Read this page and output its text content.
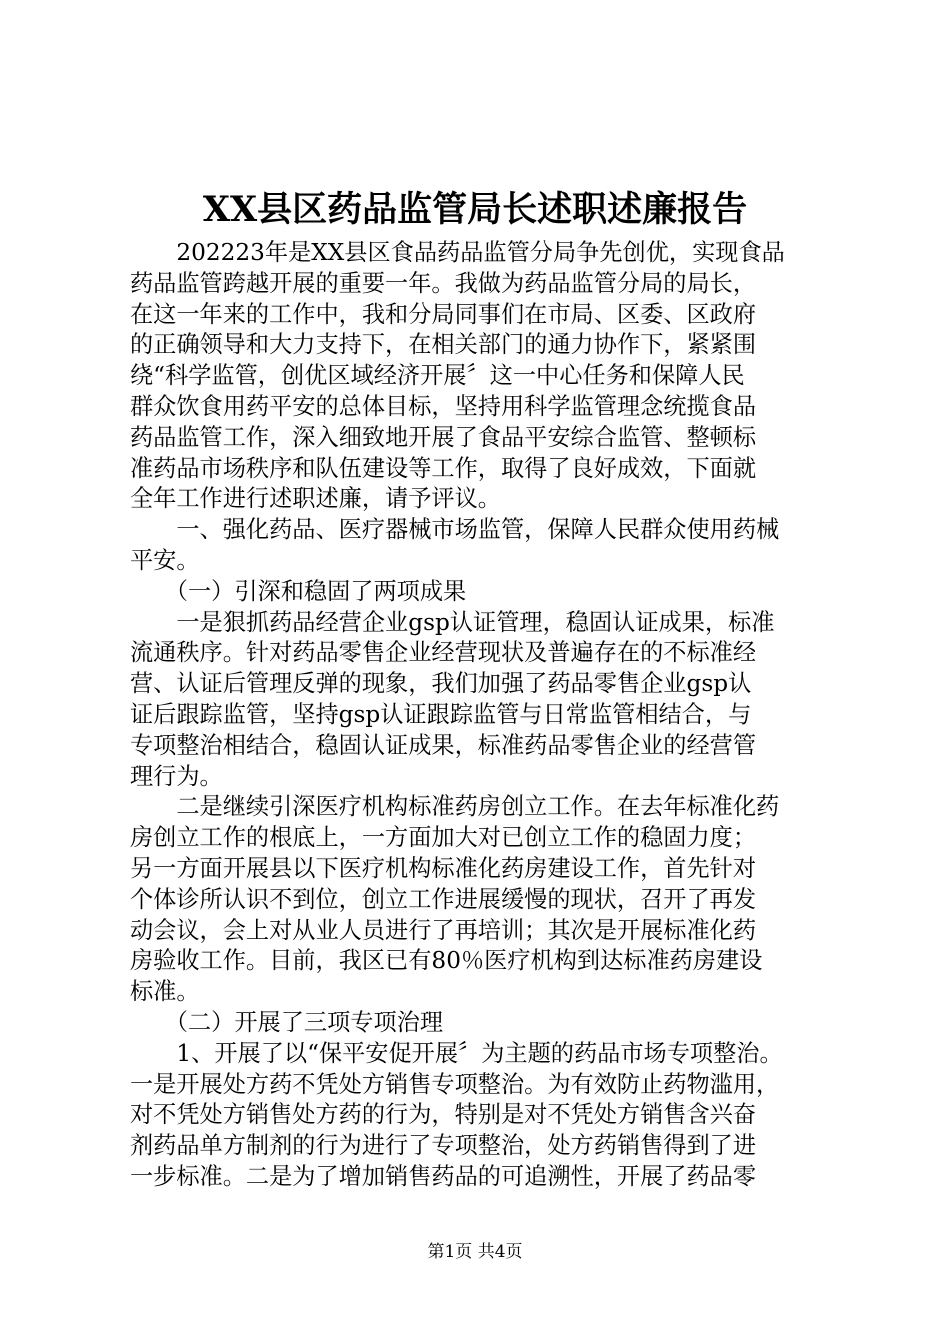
XX县区药品监管局长述职述廉报告
　　202223年是XX县区食品药品监管分局争先创优，实现食品
药品监管跨越开展的重要一年。我做为药品监管分局的局长，
在这一年来的工作中，我和分局同事们在市局、区委、区政府
的正确领导和大力支持下，在相关部门的通力协作下，紧紧围
绕“科学监管，创优区域经济开展〞这一中心任务和保障人民
群众饮食用药平安的总体目标，坚持用科学监管理念统揽食品
药品监管工作，深入细致地开展了食品平安综合监管、整顿标
准药品市场秩序和队伍建设等工作，取得了良好成效，下面就
全年工作进行述职述廉，请予评议。
　　一、强化药品、医疗器械市场监管，保障人民群众使用药械
平安。
　　（一）引深和稳固了两项成果
　　一是狠抓药品经营企业gsp认证管理，稳固认证成果，标准
流通秩序。针对药品零售企业经营现状及普遍存在的不标准经
营、认证后管理反弹的现象，我们加强了药品零售企业gsp认
证后跟踪监管，坚持gsp认证跟踪监管与日常监管相结合，与
专项整治相结合，稳固认证成果，标准药品零售企业的经营管
理行为。
　　二是继续引深医疗机构标准药房创立工作。在去年标准化药
房创立工作的根底上，一方面加大对已创立工作的稳固力度；
另一方面开展县以下医疗机构标准化药房建设工作，首先针对
个体诊所认识不到位，创立工作进展缓慢的现状，召开了再发
动会议，会上对从业人员进行了再培训；其次是开展标准化药
房验收工作。目前，我区已有80％医疗机构到达标准药房建设
标准。
　　（二）开展了三项专项治理
　　1、开展了以“保平安促开展〞为主题的药品市场专项整治。
一是开展处方药不凭处方销售专项整治。为有效防止药物滥用，
对不凭处方销售处方药的行为，特别是对不凭处方销售含兴奋
剂药品单方制剂的行为进行了专项整治，处方药销售得到了进
一步标准。二是为了增加销售药品的可追溯性，开展了药品零
第1页 共4页
